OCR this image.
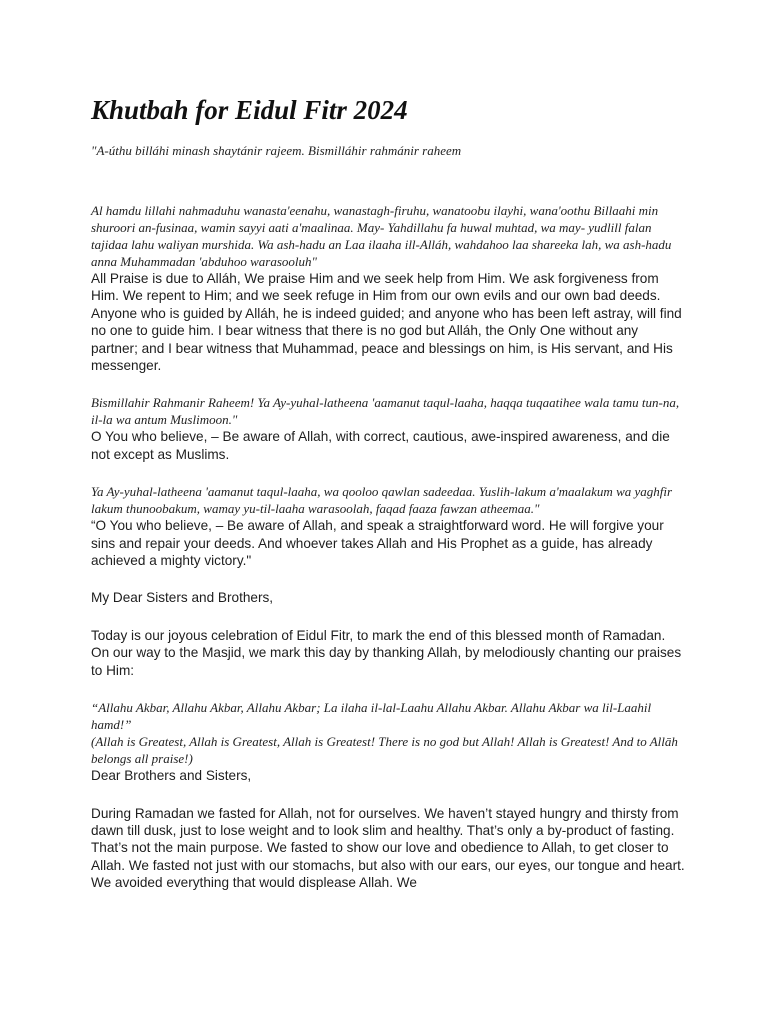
Khutbah for Eidul Fitr 2024

"A-úthu billáhi minash shaytánir rajeem. Bismilláhir rahmánir raheem

Al hamdu lillahi nahmaduhu wanasta'eenahu, wanastagh-firuhu, wanatoobu ilayhi, wana'oothu Billaahi min shuroori an-fusinaa, wamin sayyi aati a'maalinaa. May- Yahdillahu fa huwal muhtad, wa may- yudlill falan tajidaa lahu waliyan murshida. Wa ash-hadu an Laa ilaaha ill-Alláh, wahdahoo laa shareeka lah, wa ash-hadu anna Muhammadan 'abduhoo warasooluh"

All Praise is due to Alláh, We praise Him and we seek help from Him. We ask forgiveness from Him. We repent to Him; and we seek refuge in Him from our own evils and our own bad deeds. Anyone who is guided by Alláh, he is indeed guided; and anyone who has been left astray, will find no one to guide him. I bear witness that there is no god but Alláh, the Only One without any partner; and I bear witness that Muhammad, peace and blessings on him, is His servant, and His messenger.

Bismillahir Rahmanir Raheem! Ya Ay-yuhal-latheena 'aamanut taqul-laaha, haqqa tuqaatihee wala tamu tun-na, il-la wa antum Muslimoon."

O You who believe, – Be aware of Allah, with correct, cautious, awe-inspired awareness, and die not except as Muslims.

Ya Ay-yuhal-latheena 'aamanut taqul-laaha, wa qooloo qawlan sadeedaa. Yuslih-lakum a'maalakum wa yaghfir lakum thunoobakum, wamay yu-til-laaha warasoolah, faqad faaza fawzan atheemaa."

“O You who believe, – Be aware of Allah, and speak a straightforward word. He will forgive your sins and repair your deeds. And whoever takes Allah and His Prophet as a guide, has already achieved a mighty victory."

My Dear Sisters and Brothers,

Today is our joyous celebration of Eidul Fitr, to mark the end of this blessed month of Ramadan. On our way to the Masjid, we mark this day by thanking Allah, by melodiously chanting our praises to Him:

“Allahu Akbar, Allahu Akbar, Allahu Akbar; La ilaha il-lal-Laahu Allahu Akbar. Allahu Akbar wa lil-Laahil hamd!”

(Allah is Greatest, Allah is Greatest, Allah is Greatest! There is no god but Allah! Allah is Greatest! And to Allāh belongs all praise!)

Dear Brothers and Sisters,

During Ramadan we fasted for Allah, not for ourselves. We haven’t stayed hungry and thirsty from dawn till dusk, just to lose weight and to look slim and healthy. That’s only a by-product of fasting. That’s not the main purpose. We fasted to show our love and obedience to Allah, to get closer to Allah. We fasted not just with our stomachs, but also with our ears, our eyes, our tongue and heart. We avoided everything that would displease Allah. We
